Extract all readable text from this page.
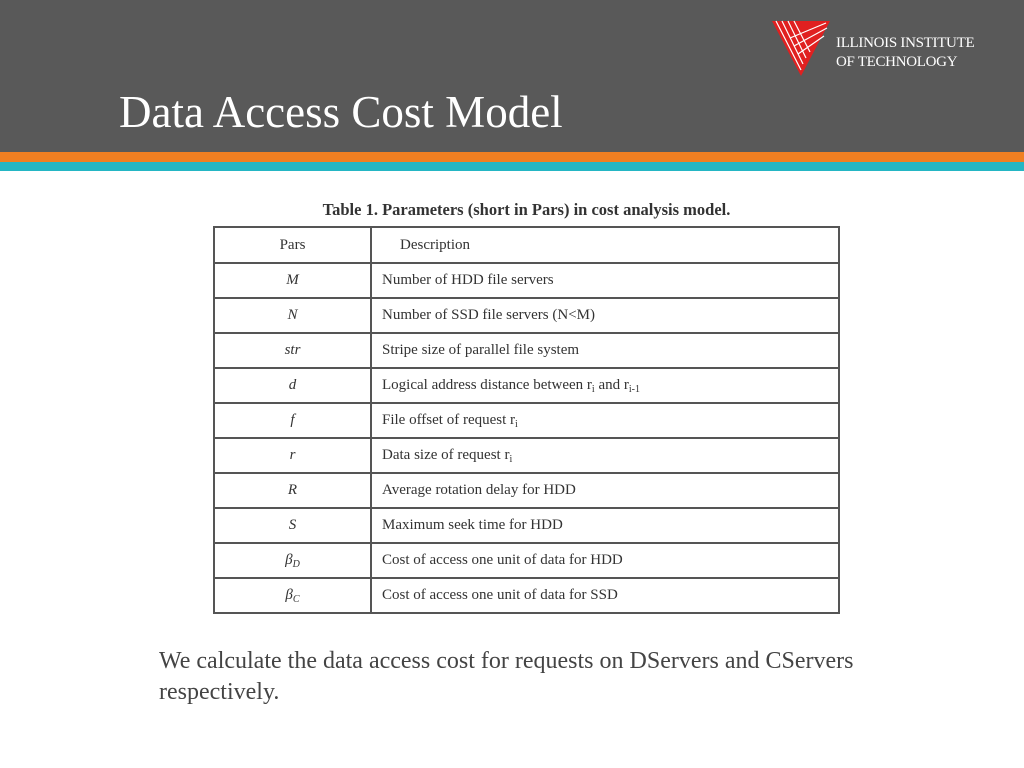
Data Access Cost Model
ILLINOIS INSTITUTE
OF TECHNOLOGY
Table 1. Parameters (short in Pars) in cost analysis model.
Pars	Description
M	Number of HDD file servers
N	Number of SSD file servers (N<M)
str	Stripe size of parallel file system
d	Logical address distance between $r_i$ and $r_{i-1}$
f	File offset of request $r_i$
r	Data size of request $r_i$
R	Average rotation delay for HDD
S	Maximum seek time for HDD
$\beta_D$	Cost of access one unit of data for HDD
$\beta_C$	Cost of access one unit of data for SSD

We calculate the data access cost for requests on DServers and CServers respectively.
